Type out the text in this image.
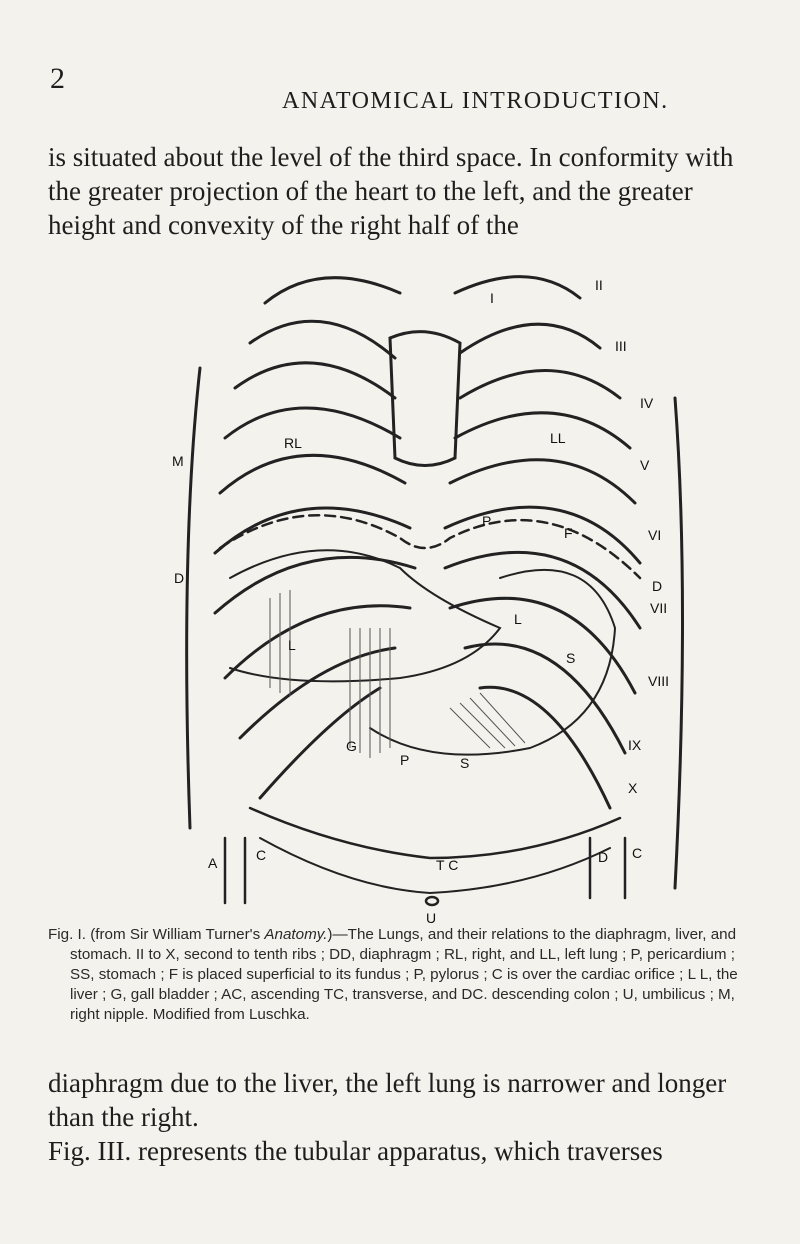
2
ANATOMICAL INTRODUCTION.

is situated about the level of the third space. In conformity with the greater projection of the heart to the left, and the greater height and convexity of the right half of the

II
III
IV
V
VI
D
VII
VIII
IX
X
M
D
RL	LL
I
P
F
L
L
S
S
G
P
A	C
T C	D C
U
Fig. I. (from Sir William Turner's Anatomy.)—The Lungs, and their relations to the diaphragm, liver, and stomach. II to X, second to tenth ribs ; DD, diaphragm ; RL, right, and LL, left lung ; P, pericardium ; SS, stomach ; F is placed superficial to its fundus ; P, pylorus ; C is over the cardiac orifice ; L L, the liver ; G, gall bladder ; AC, ascending TC, transverse, and DC. descending colon ; U, umbilicus ; M, right nipple. Modified from Luschka.

diaphragm due to the liver, the left lung is narrower and longer than the right.

Fig. III. represents the tubular apparatus, which traverses
